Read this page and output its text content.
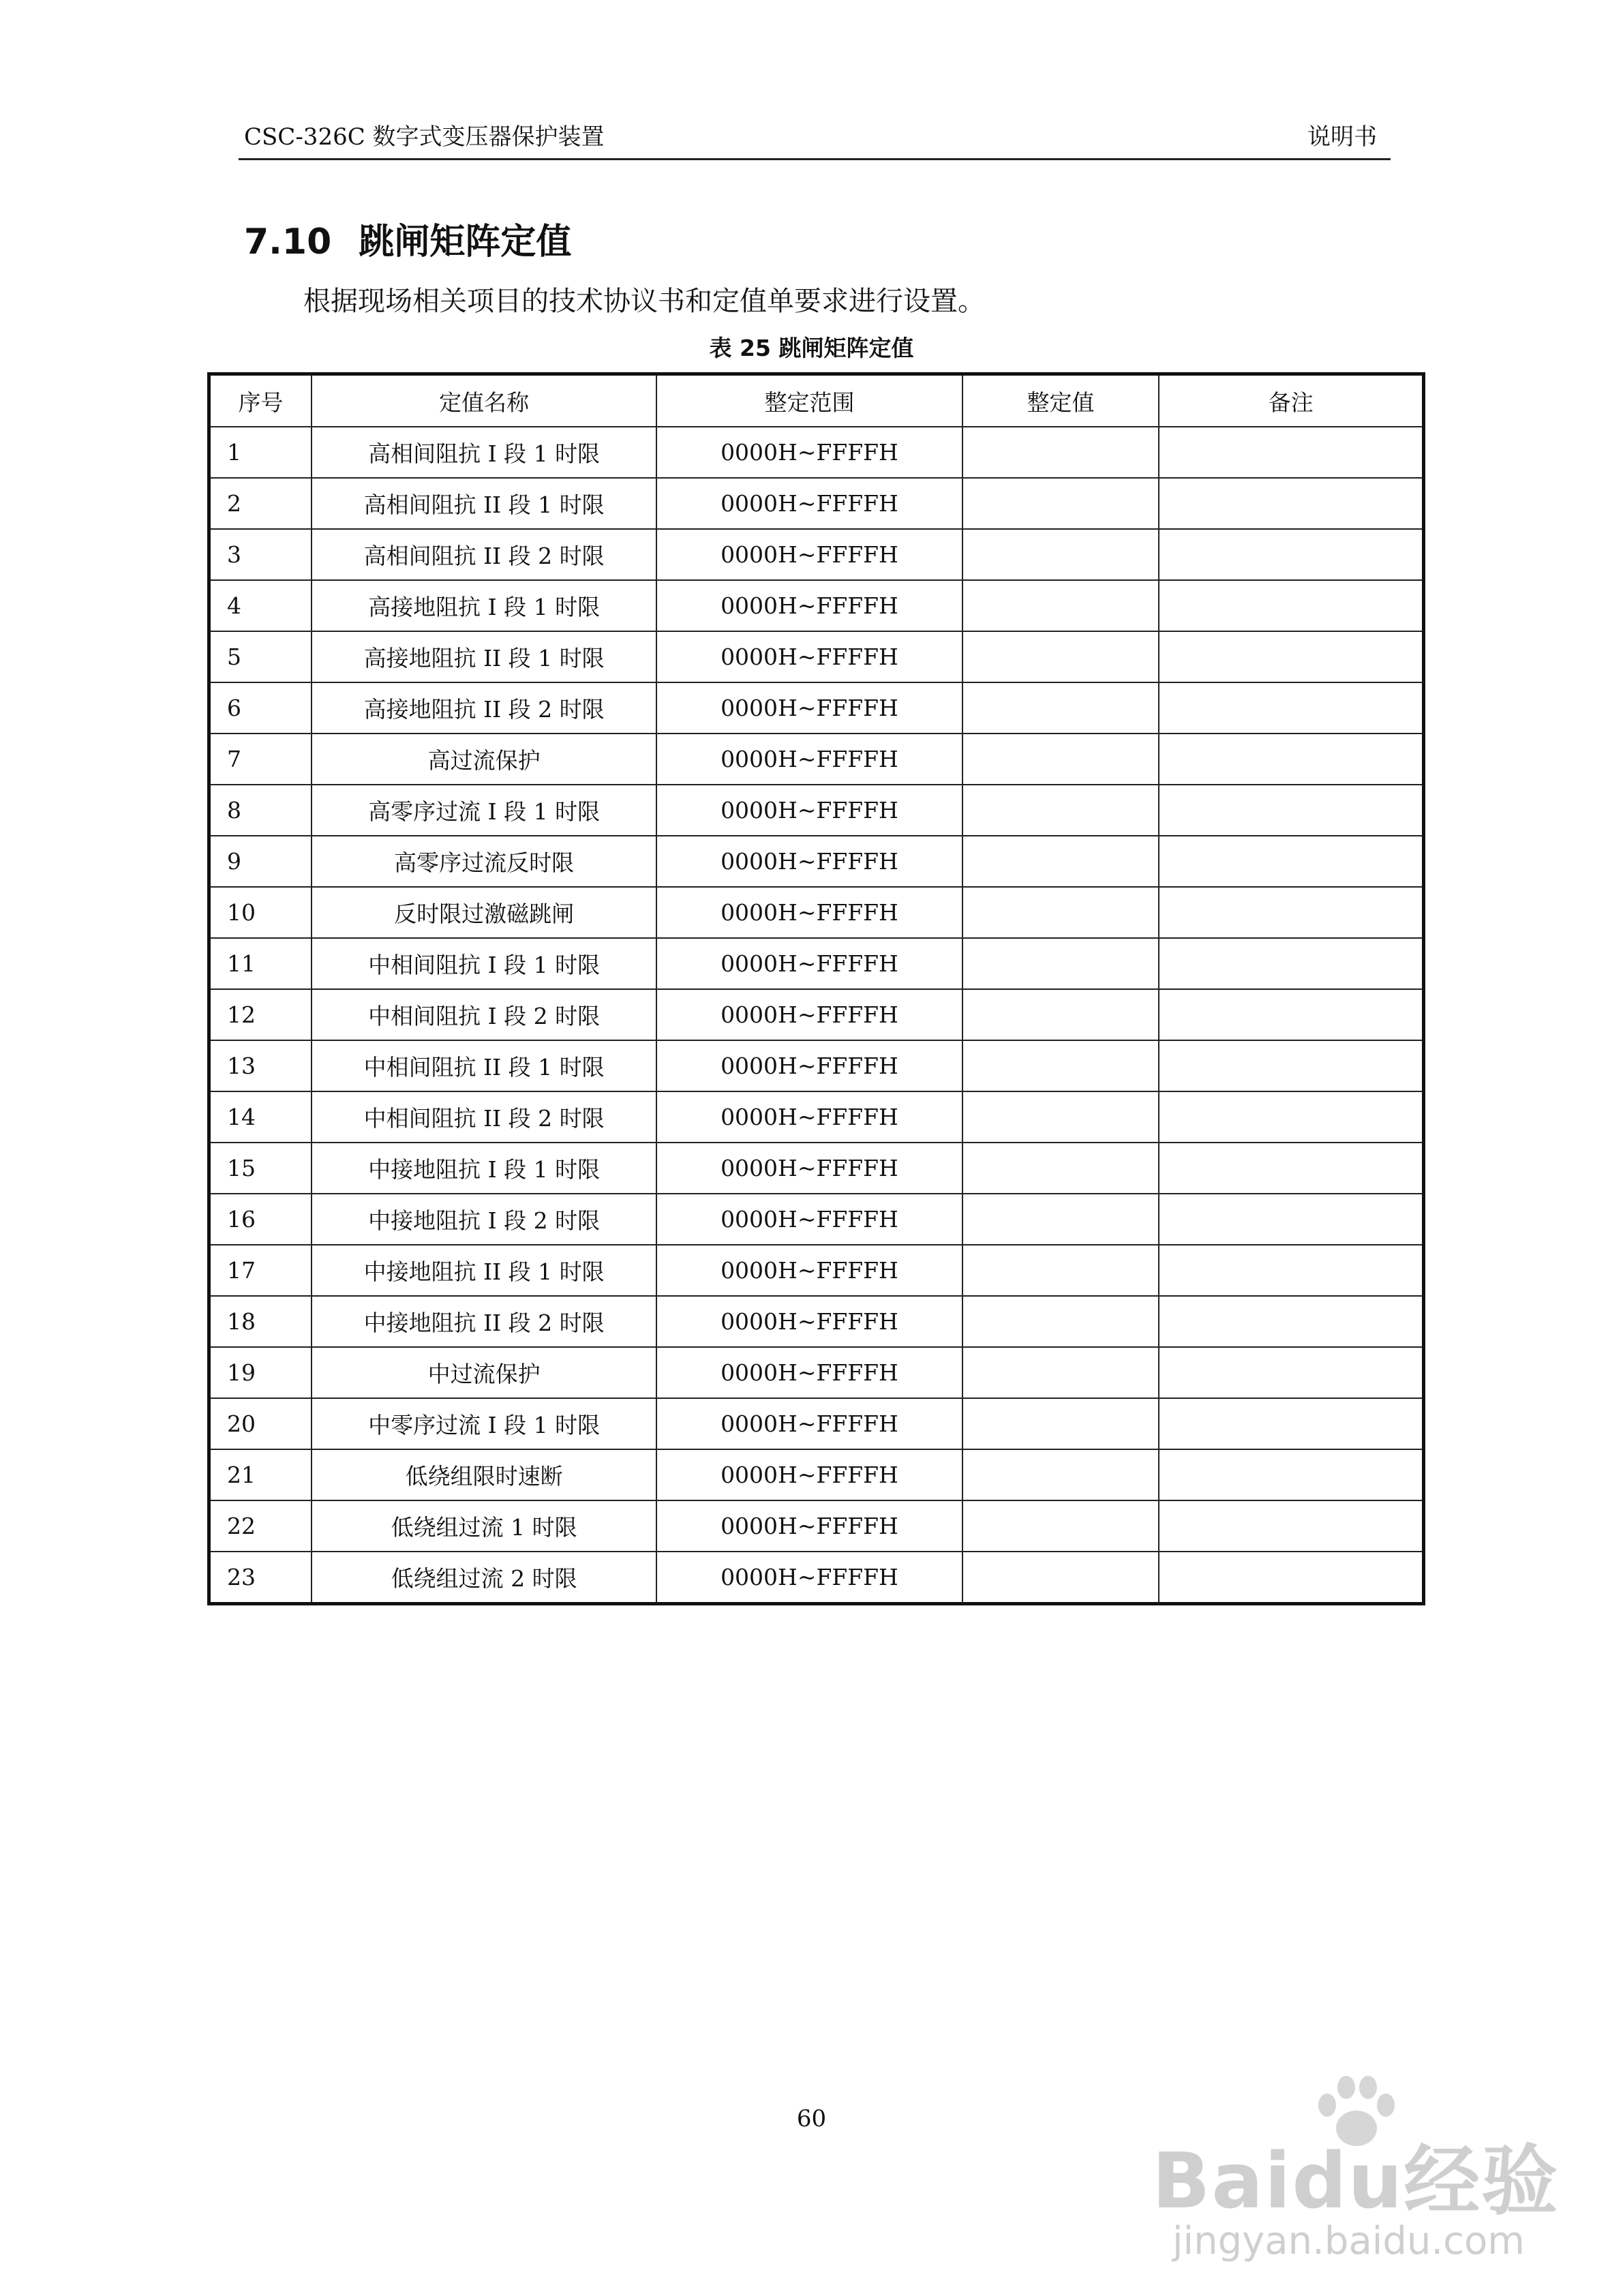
CSC-326C 数字式变压器保护装置	说明书
7.10 跳闸矩阵定值
根据现场相关项目的技术协议书和定值单要求进行设置。
表 25 跳闸矩阵定值
序号	定值名称	整定范围	整定值	备注
1	高相间阻抗 I 段 1 时限	0000H~FFFFH		
2	高相间阻抗 II 段 1 时限	0000H~FFFFH		
3	高相间阻抗 II 段 2 时限	0000H~FFFFH		
4	高接地阻抗 I 段 1 时限	0000H~FFFFH		
5	高接地阻抗 II 段 1 时限	0000H~FFFFH		
6	高接地阻抗 II 段 2 时限	0000H~FFFFH		
7	高过流保护	0000H~FFFFH		
8	高零序过流 I 段 1 时限	0000H~FFFFH		
9	高零序过流反时限	0000H~FFFFH		
10	反时限过激磁跳闸	0000H~FFFFH		
11	中相间阻抗 I 段 1 时限	0000H~FFFFH		
12	中相间阻抗 I 段 2 时限	0000H~FFFFH		
13	中相间阻抗 II 段 1 时限	0000H~FFFFH		
14	中相间阻抗 II 段 2 时限	0000H~FFFFH		
15	中接地阻抗 I 段 1 时限	0000H~FFFFH		
16	中接地阻抗 I 段 2 时限	0000H~FFFFH		
17	中接地阻抗 II 段 1 时限	0000H~FFFFH		
18	中接地阻抗 II 段 2 时限	0000H~FFFFH		
19	中过流保护	0000H~FFFFH		
20	中零序过流 I 段 1 时限	0000H~FFFFH		
21	低绕组限时速断	0000H~FFFFH		
22	低绕组过流 1 时限	0000H~FFFFH		
23	低绕组过流 2 时限	0000H~FFFFH		
60
Baidu经验
jingyan.baidu.com
